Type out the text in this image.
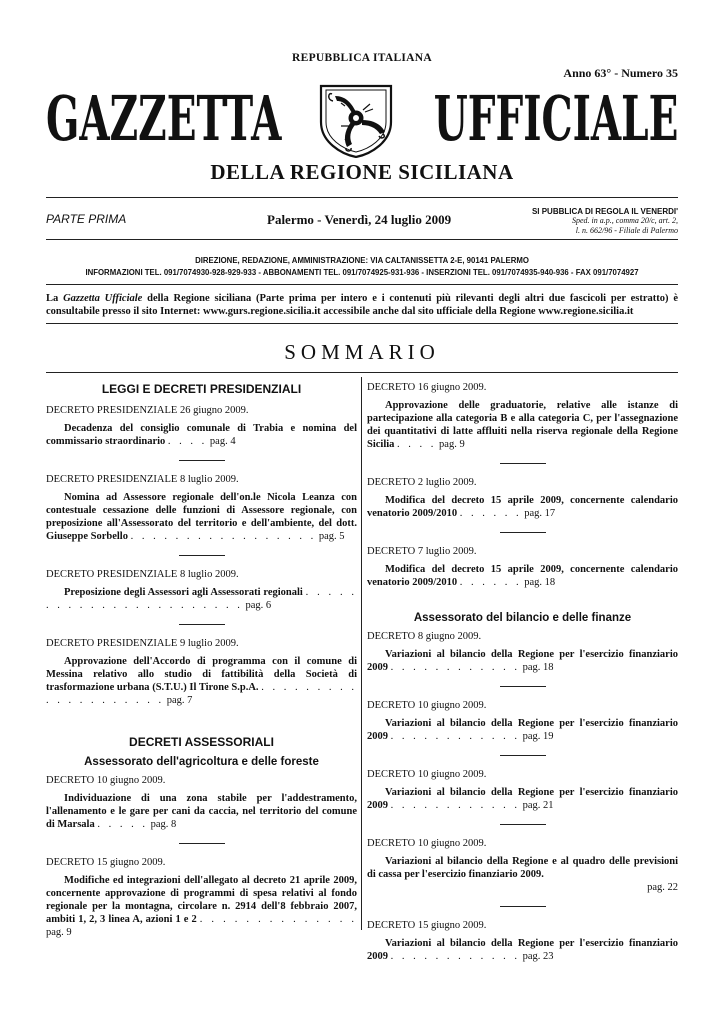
REPUBBLICA ITALIANA
Anno 63° - Numero 35
GAZZETTA UFFICIALE
DELLA REGIONE SICILIANA
PARTE PRIMA	Palermo - Venerdì, 24 luglio 2009
SI PUBBLICA DI REGOLA IL VENERDI'
Sped. in a.p., comma 20/c, art. 2,
l. n. 662/96 - Filiale di Palermo
DIREZIONE, REDAZIONE, AMMINISTRAZIONE: VIA CALTANISSETTA 2-E, 90141 PALERMO
INFORMAZIONI TEL. 091/7074930-928-929-933 - ABBONAMENTI TEL. 091/7074925-931-936 - INSERZIONI TEL. 091/7074935-940-936 - FAX 091/7074927
La Gazzetta Ufficiale della Regione siciliana (Parte prima per intero e i contenuti più rilevanti degli altri due fascicoli per estratto) è consultabile presso il sito Internet: www.gurs.regione.sicilia.it accessibile anche dal sito ufficiale della Regione www.regione.sicilia.it
SOMMARIO
LEGGI E DECRETI PRESIDENZIALI
DECRETO PRESIDENZIALE 26 giugno 2009.
Decadenza del consiglio comunale di Trabia e nomina del commissario straordinario . . . . pag. 4
DECRETO PRESIDENZIALE 8 luglio 2009.
Nomina ad Assessore regionale dell'on.le Nicola Leanza con contestuale cessazione delle funzioni di Assessore regionale, con preposizione all'Assessorato del territorio e dell'ambiente, del dott. Giuseppe Sorbello . . . . . . . . . . . . . . . . . pag. 5
DECRETO PRESIDENZIALE 8 luglio 2009.
Preposizione degli Assessori agli Assessorati regionali . . . . . . . . . . . . . . . . . . . . . . . pag. 6
DECRETO PRESIDENZIALE 9 luglio 2009.
Approvazione dell'Accordo di programma con il comune di Messina relativo allo studio di fattibilità della Società di trasformazione urbana (S.T.U.) Il Tirone S.p.A. . . . . . . . . . . . . . . . . . . . . pag. 7
DECRETI ASSESSORIALI
Assessorato dell'agricoltura e delle foreste
DECRETO 10 giugno 2009.
Individuazione di una zona stabile per l'addestramento, l'allenamento e le gare per cani da caccia, nel territorio del comune di Marsala . . . . . pag. 8
DECRETO 15 giugno 2009.
Modifiche ed integrazioni dell'allegato al decreto 21 aprile 2009, concernente approvazione di programmi di spesa relativi al fondo regionale per la montagna, circolare n. 2914 dell'8 febbraio 2007, ambiti 1, 2, 3 linea A, azioni 1 e 2 . . . . . . . . . . . . . . pag. 9
DECRETO 16 giugno 2009.
Approvazione delle graduatorie, relative alle istanze di partecipazione alla categoria B e alla categoria C, per l'assegnazione dei quantitativi di latte affluiti nella riserva regionale della Regione Sicilia . . . . pag. 9
DECRETO 2 luglio 2009.
Modifica del decreto 15 aprile 2009, concernente calendario venatorio 2009/2010 . . . . . . pag. 17
DECRETO 7 luglio 2009.
Modifica del decreto 15 aprile 2009, concernente calendario venatorio 2009/2010 . . . . . . pag. 18
Assessorato del bilancio e delle finanze
DECRETO 8 giugno 2009.
Variazioni al bilancio della Regione per l'esercizio finanziario 2009 . . . . . . . . . . . . pag. 18
DECRETO 10 giugno 2009.
Variazioni al bilancio della Regione per l'esercizio finanziario 2009 . . . . . . . . . . . . pag. 19
DECRETO 10 giugno 2009.
Variazioni al bilancio della Regione per l'esercizio finanziario 2009 . . . . . . . . . . . . pag. 21
DECRETO 10 giugno 2009.
Variazioni al bilancio della Regione e al quadro delle previsioni di cassa per l'esercizio finanziario 2009.
pag. 22
DECRETO 15 giugno 2009.
Variazioni al bilancio della Regione per l'esercizio finanziario 2009 . . . . . . . . . . . . pag. 23
